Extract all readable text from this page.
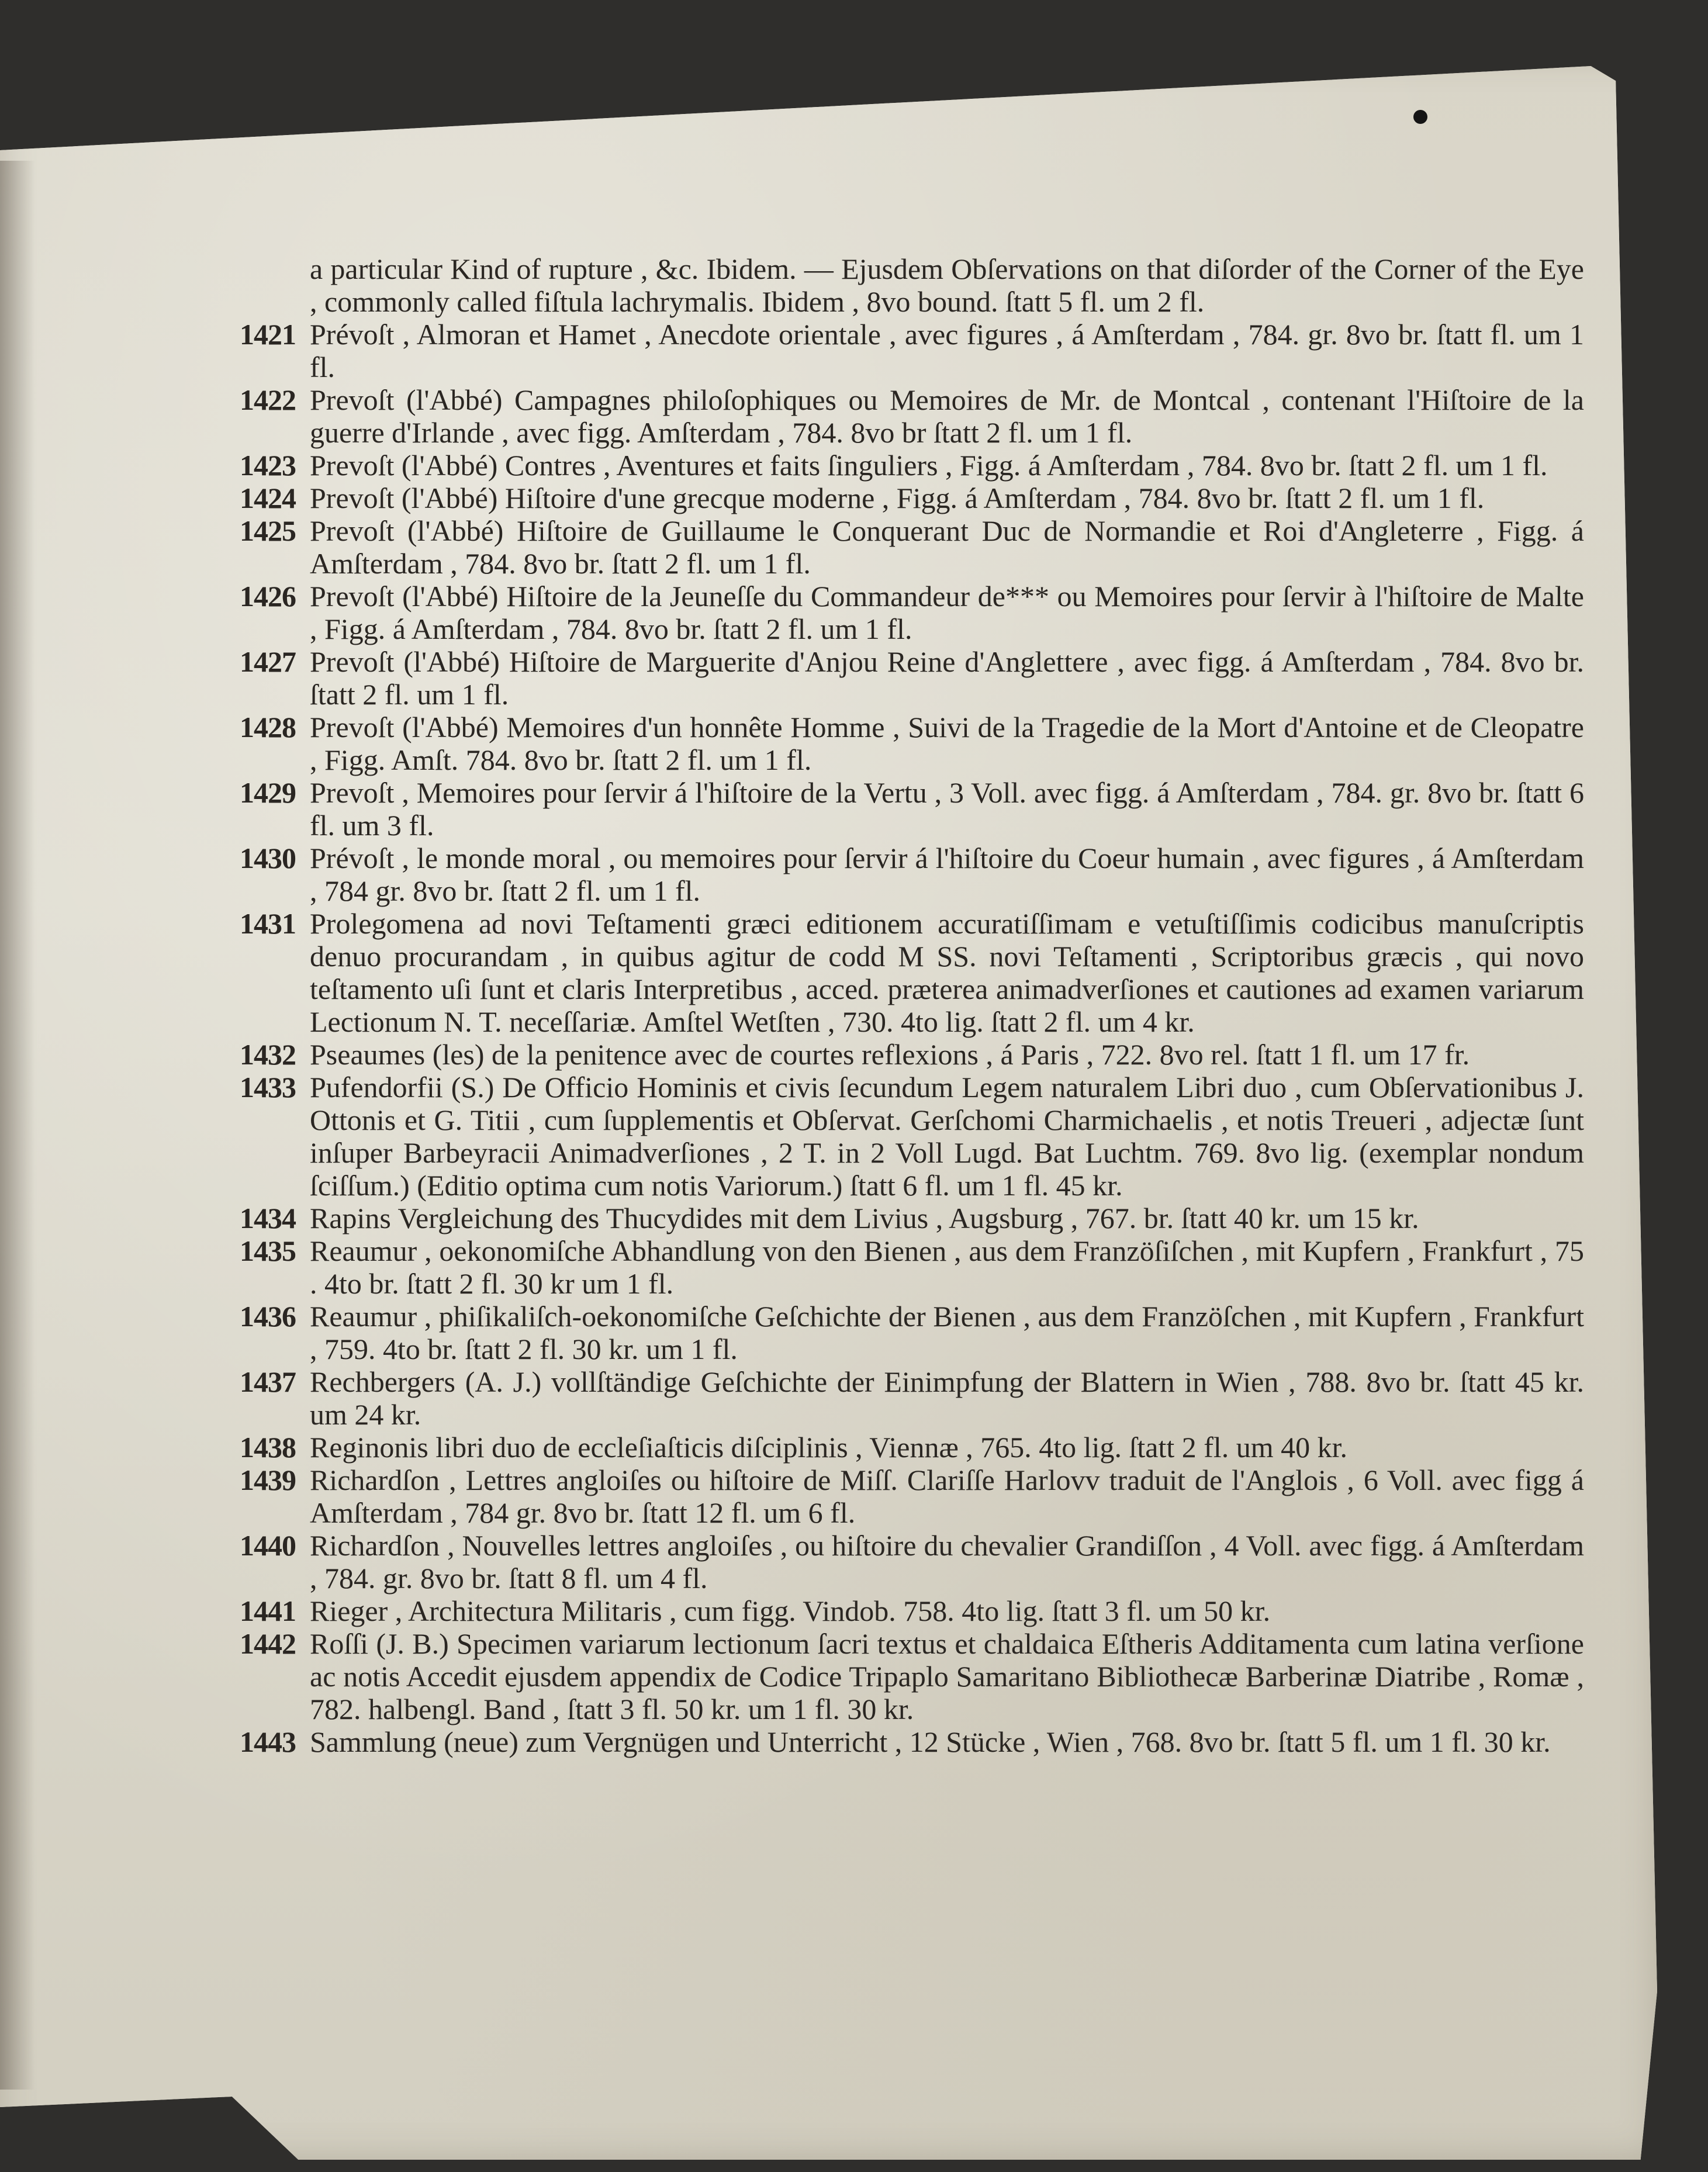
a particular Kind of rupture , &c. Ibidem. — Ejusdem Obſervations on that diſorder of the Corner of the Eye , commonly called fiſtula lachrymalis. Ibidem , 8vo bound. ſtatt 5 fl. um 2 fl.
1421 Prévoſt , Almoran et Hamet , Anecdote orientale , avec figures , á Amſterdam , 784. gr. 8vo br. ſtatt fl. um 1 fl.
1422 Prevoſt (l'Abbé) Campagnes philoſophiques ou Memoires de Mr. de Montcal , contenant l'Hiſtoire de la guerre d'Irlande , avec figg. Amſterdam , 784. 8vo br ſtatt 2 fl. um 1 fl.
1423 Prevoſt (l'Abbé) Contres , Aventures et faits ſinguliers , Figg. á Amſterdam , 784. 8vo br. ſtatt 2 fl. um 1 fl.
1424 Prevoſt (l'Abbé) Hiſtoire d'une grecque moderne , Figg. á Amſterdam , 784. 8vo br. ſtatt 2 fl. um 1 fl.
1425 Prevoſt (l'Abbé) Hiſtoire de Guillaume le Conquerant Duc de Normandie et Roi d'Angleterre , Figg. á Amſterdam , 784. 8vo br. ſtatt 2 fl. um 1 fl.
1426 Prevoſt (l'Abbé) Hiſtoire de la Jeuneſſe du Commandeur de*** ou Memoires pour ſervir à l'hiſtoire de Malte , Figg. á Amſterdam , 784. 8vo br. ſtatt 2 fl. um 1 fl.
1427 Prevoſt (l'Abbé) Hiſtoire de Marguerite d'Anjou Reine d'Anglettere , avec figg. á Amſterdam , 784. 8vo br. ſtatt 2 fl. um 1 fl.
1428 Prevoſt (l'Abbé) Memoires d'un honnête Homme , Suivi de la Tragedie de la Mort d'Antoine et de Cleopatre , Figg. Amſt. 784. 8vo br. ſtatt 2 fl. um 1 fl.
1429 Prevoſt , Memoires pour ſervir á l'hiſtoire de la Vertu , 3 Voll. avec figg. á Amſterdam , 784. gr. 8vo br. ſtatt 6 fl. um 3 fl.
1430 Prévoſt , le monde moral , ou memoires pour ſervir á l'hiſtoire du Coeur humain , avec figures , á Amſterdam , 784 gr. 8vo br. ſtatt 2 fl. um 1 fl.
1431 Prolegomena ad novi Teſtamenti græci editionem accuratiſſimam e vetuſtiſſimis codicibus manuſcriptis denuo procurandam , in quibus agitur de codd M SS. novi Teſtamenti , Scriptoribus græcis , qui novo teſtamento uſi ſunt et claris Interpretibus , acced. præterea animadverſiones et cautiones ad examen variarum Lectionum N. T. neceſſariæ. Amſtel Wetſten , 730. 4to lig. ſtatt 2 fl. um 4 kr.
1432 Pseaumes (les) de la penitence avec de courtes reflexions , á Paris , 722. 8vo rel. ſtatt 1 fl. um 17 fr.
1433 Pufendorfii (S.) De Officio Hominis et civis ſecundum Legem naturalem Libri duo , cum Obſervationibus J. Ottonis et G. Titii , cum ſupplementis et Obſervat. Gerſchomi Charmichaelis , et notis Treueri , adjectæ ſunt inſuper Barbeyracii Animadverſiones , 2 T. in 2 Voll Lugd. Bat Luchtm. 769. 8vo lig. (exemplar nondum ſciſſum.) (Editio optima cum notis Variorum.) ſtatt 6 fl. um 1 fl. 45 kr.
1434 Rapins Vergleichung des Thucydides mit dem Livius , Augsburg , 767. br. ſtatt 40 kr. um 15 kr.
1435 Reaumur , oekonomiſche Abhandlung von den Bienen , aus dem Franzöſiſchen , mit Kupfern , Frankfurt , 75 . 4to br. ſtatt 2 fl. 30 kr um 1 fl.
1436 Reaumur , phiſikaliſch-oekonomiſche Geſchichte der Bienen , aus dem Franzöſchen , mit Kupfern , Frankfurt , 759. 4to br. ſtatt 2 fl. 30 kr. um 1 fl.
1437 Rechbergers (A. J.) vollſtändige Geſchichte der Einimpfung der Blattern in Wien , 788. 8vo br. ſtatt 45 kr. um 24 kr.
1438 Reginonis libri duo de eccleſiaſticis diſciplinis , Viennæ , 765. 4to lig. ſtatt 2 fl. um 40 kr.
1439 Richardſon , Lettres angloiſes ou hiſtoire de Miſſ. Clariſſe Harlovv traduit de l'Anglois , 6 Voll. avec figg á Amſterdam , 784 gr. 8vo br. ſtatt 12 fl. um 6 fl.
1440 Richardſon , Nouvelles lettres angloiſes , ou hiſtoire du chevalier Grandiſſon , 4 Voll. avec figg. á Amſterdam , 784. gr. 8vo br. ſtatt 8 fl. um 4 fl.
1441 Rieger , Architectura Militaris , cum figg. Vindob. 758. 4to lig. ſtatt 3 fl. um 50 kr.
1442 Roſſi (J. B.) Specimen variarum lectionum ſacri textus et chaldaica Eſtheris Additamenta cum latina verſione ac notis Accedit ejusdem appendix de Codice Tripaplo Samaritano Bibliothecæ Barberinæ Diatribe , Romæ , 782. halbengl. Band , ſtatt 3 fl. 50 kr. um 1 fl. 30 kr.
1443 Sammlung (neue) zum Vergnügen und Unterricht , 12 Stücke , Wien , 768. 8vo br. ſtatt 5 fl. um 1 fl. 30 kr.
